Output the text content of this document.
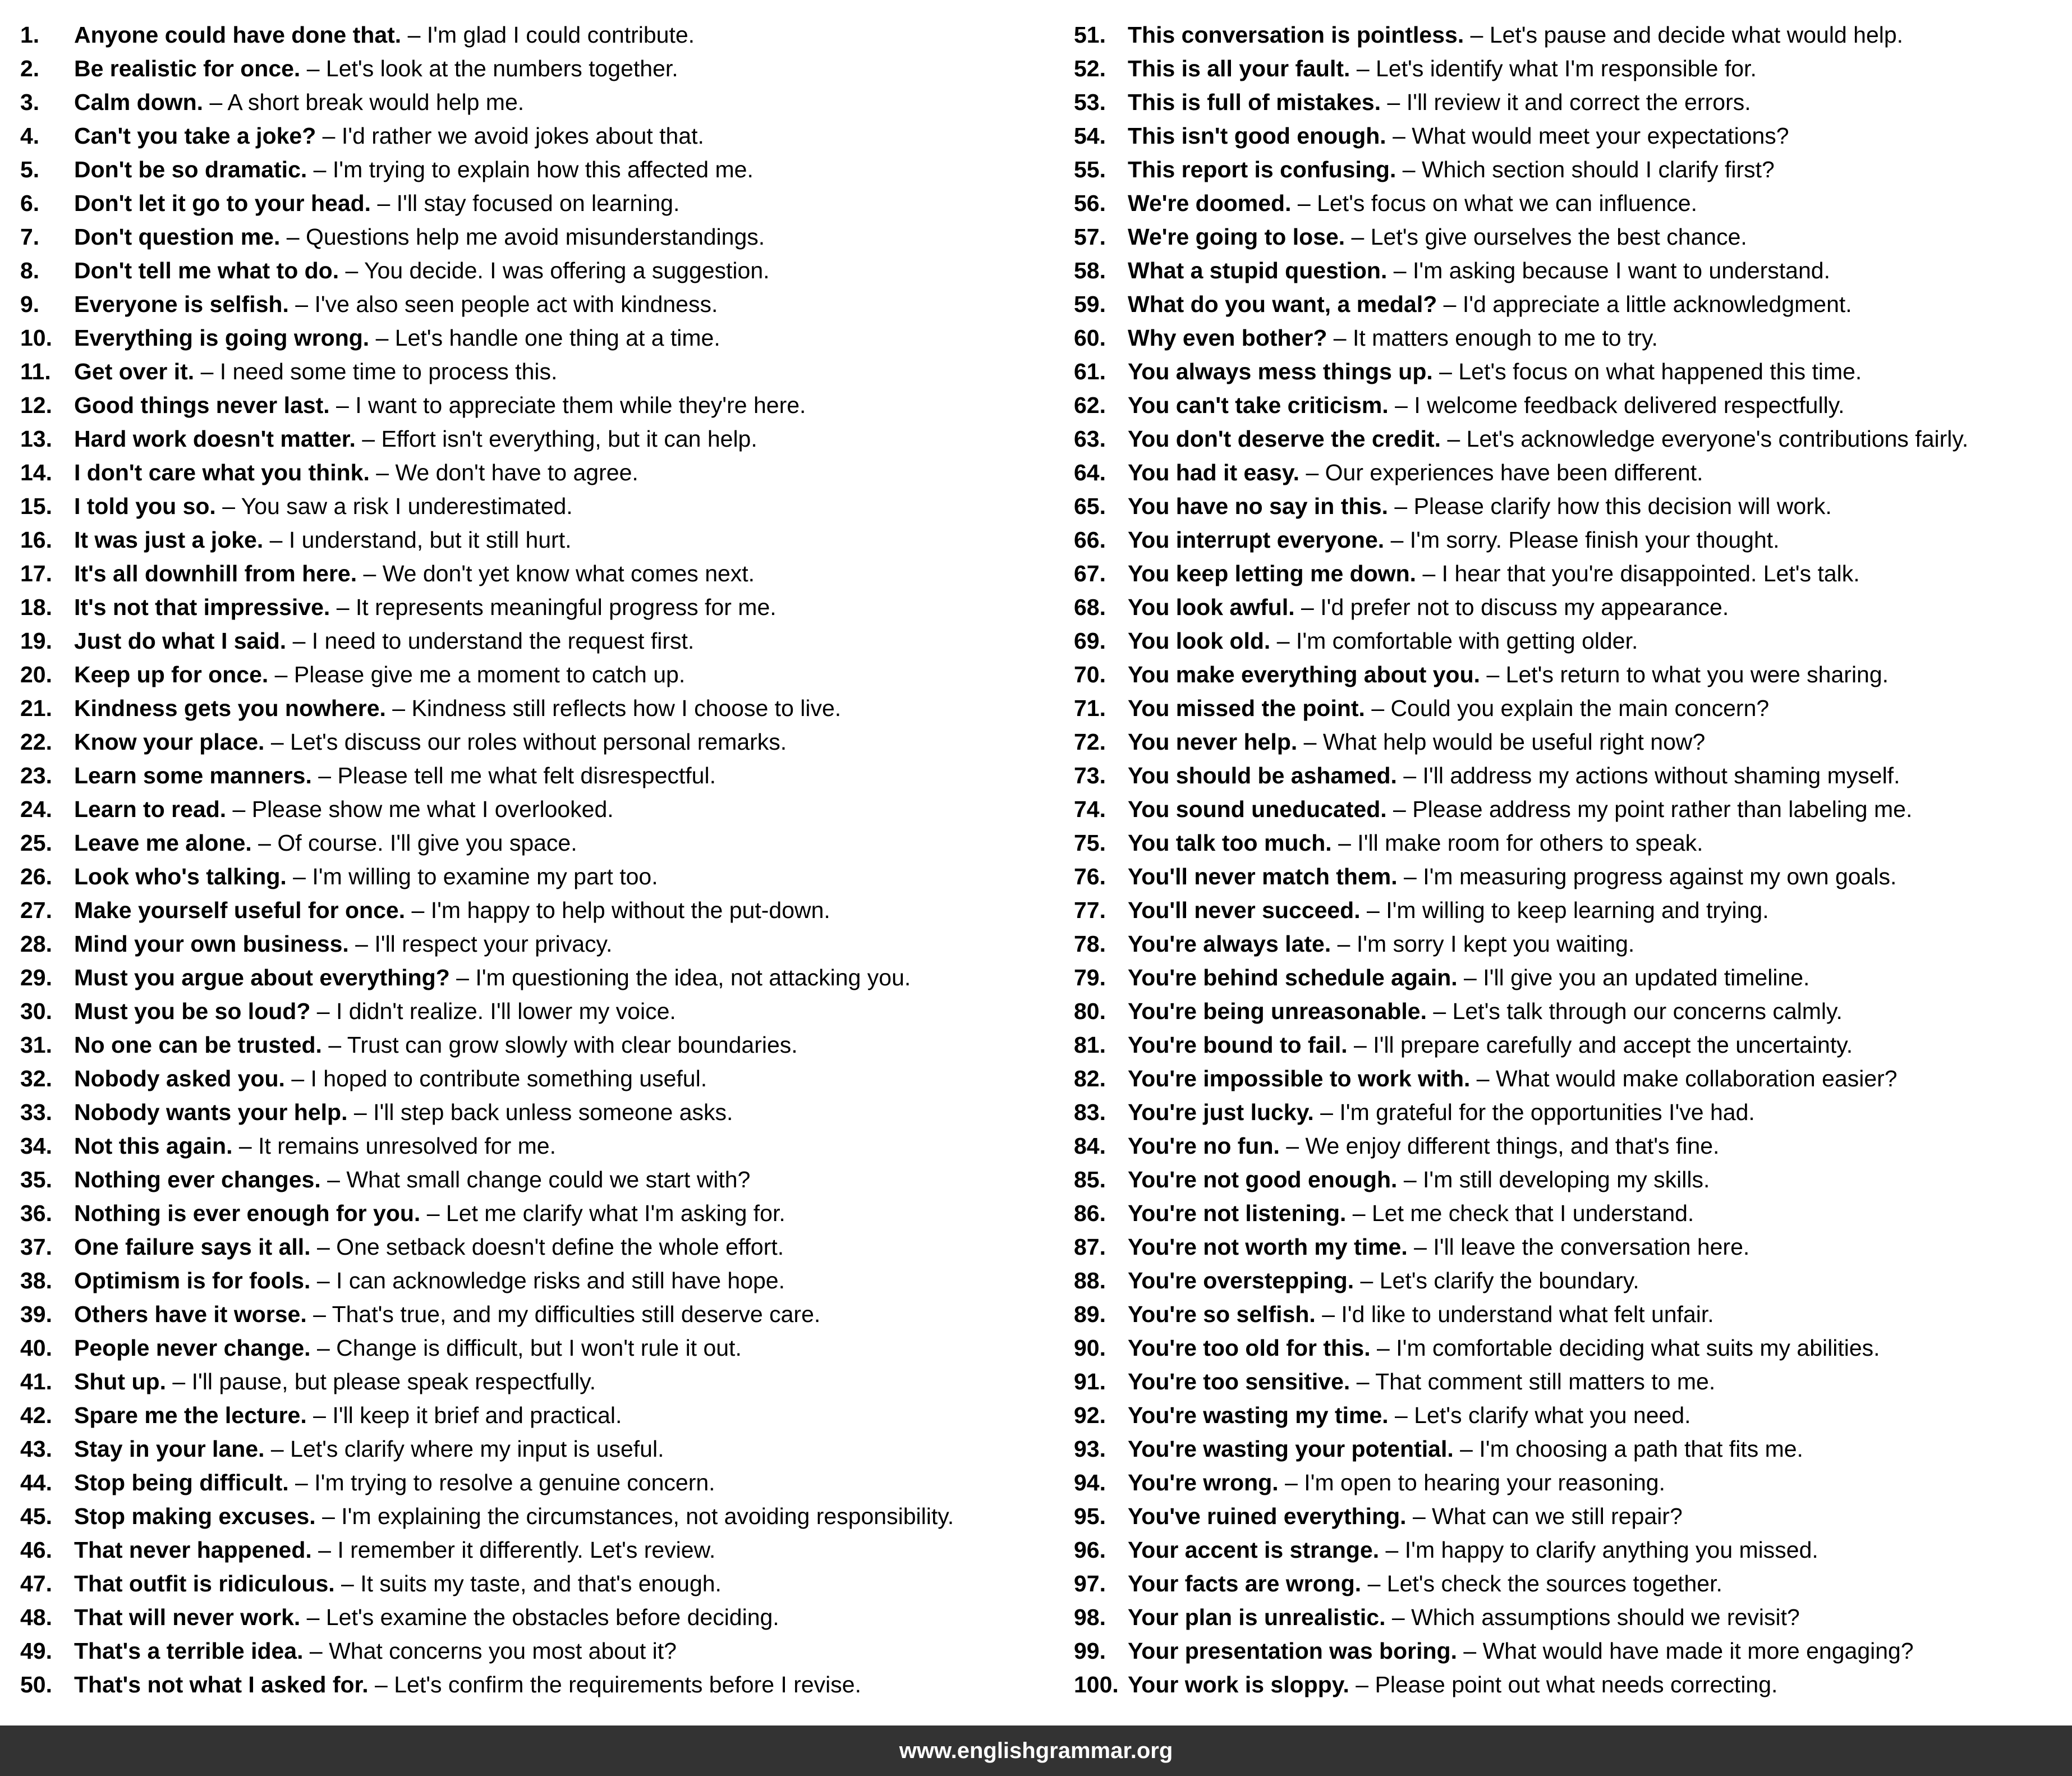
1. Anyone could have done that. – I'm glad I could contribute.
2. Be realistic for once. – Let's look at the numbers together.
3. Calm down. – A short break would help me.
4. Can't you take a joke? – I'd rather we avoid jokes about that.
5. Don't be so dramatic. – I'm trying to explain how this affected me.
6. Don't let it go to your head. – I'll stay focused on learning.
7. Don't question me. – Questions help me avoid misunderstandings.
8. Don't tell me what to do. – You decide. I was offering a suggestion.
9. Everyone is selfish. – I've also seen people act with kindness.
10. Everything is going wrong. – Let's handle one thing at a time.
11. Get over it. – I need some time to process this.
12. Good things never last. – I want to appreciate them while they're here.
13. Hard work doesn't matter. – Effort isn't everything, but it can help.
14. I don't care what you think. – We don't have to agree.
15. I told you so. – You saw a risk I underestimated.
16. It was just a joke. – I understand, but it still hurt.
17. It's all downhill from here. – We don't yet know what comes next.
18. It's not that impressive. – It represents meaningful progress for me.
19. Just do what I said. – I need to understand the request first.
20. Keep up for once. – Please give me a moment to catch up.
21. Kindness gets you nowhere. – Kindness still reflects how I choose to live.
22. Know your place. – Let's discuss our roles without personal remarks.
23. Learn some manners. – Please tell me what felt disrespectful.
24. Learn to read. – Please show me what I overlooked.
25. Leave me alone. – Of course. I'll give you space.
26. Look who's talking. – I'm willing to examine my part too.
27. Make yourself useful for once. – I'm happy to help without the put-down.
28. Mind your own business. – I'll respect your privacy.
29. Must you argue about everything? – I'm questioning the idea, not attacking you.
30. Must you be so loud? – I didn't realize. I'll lower my voice.
31. No one can be trusted. – Trust can grow slowly with clear boundaries.
32. Nobody asked you. – I hoped to contribute something useful.
33. Nobody wants your help. – I'll step back unless someone asks.
34. Not this again. – It remains unresolved for me.
35. Nothing ever changes. – What small change could we start with?
36. Nothing is ever enough for you. – Let me clarify what I'm asking for.
37. One failure says it all. – One setback doesn't define the whole effort.
38. Optimism is for fools. – I can acknowledge risks and still have hope.
39. Others have it worse. – That's true, and my difficulties still deserve care.
40. People never change. – Change is difficult, but I won't rule it out.
41. Shut up. – I'll pause, but please speak respectfully.
42. Spare me the lecture. – I'll keep it brief and practical.
43. Stay in your lane. – Let's clarify where my input is useful.
44. Stop being difficult. – I'm trying to resolve a genuine concern.
45. Stop making excuses. – I'm explaining the circumstances, not avoiding responsibility.
46. That never happened. – I remember it differently. Let's review.
47. That outfit is ridiculous. – It suits my taste, and that's enough.
48. That will never work. – Let's examine the obstacles before deciding.
49. That's a terrible idea. – What concerns you most about it?
50. That's not what I asked for. – Let's confirm the requirements before I revise.
51. This conversation is pointless. – Let's pause and decide what would help.
52. This is all your fault. – Let's identify what I'm responsible for.
53. This is full of mistakes. – I'll review it and correct the errors.
54. This isn't good enough. – What would meet your expectations?
55. This report is confusing. – Which section should I clarify first?
56. We're doomed. – Let's focus on what we can influence.
57. We're going to lose. – Let's give ourselves the best chance.
58. What a stupid question. – I'm asking because I want to understand.
59. What do you want, a medal? – I'd appreciate a little acknowledgment.
60. Why even bother? – It matters enough to me to try.
61. You always mess things up. – Let's focus on what happened this time.
62. You can't take criticism. – I welcome feedback delivered respectfully.
63. You don't deserve the credit. – Let's acknowledge everyone's contributions fairly.
64. You had it easy. – Our experiences have been different.
65. You have no say in this. – Please clarify how this decision will work.
66. You interrupt everyone. – I'm sorry. Please finish your thought.
67. You keep letting me down. – I hear that you're disappointed. Let's talk.
68. You look awful. – I'd prefer not to discuss my appearance.
69. You look old. – I'm comfortable with getting older.
70. You make everything about you. – Let's return to what you were sharing.
71. You missed the point. – Could you explain the main concern?
72. You never help. – What help would be useful right now?
73. You should be ashamed. – I'll address my actions without shaming myself.
74. You sound uneducated. – Please address my point rather than labeling me.
75. You talk too much. – I'll make room for others to speak.
76. You'll never match them. – I'm measuring progress against my own goals.
77. You'll never succeed. – I'm willing to keep learning and trying.
78. You're always late. – I'm sorry I kept you waiting.
79. You're behind schedule again. – I'll give you an updated timeline.
80. You're being unreasonable. – Let's talk through our concerns calmly.
81. You're bound to fail. – I'll prepare carefully and accept the uncertainty.
82. You're impossible to work with. – What would make collaboration easier?
83. You're just lucky. – I'm grateful for the opportunities I've had.
84. You're no fun. – We enjoy different things, and that's fine.
85. You're not good enough. – I'm still developing my skills.
86. You're not listening. – Let me check that I understand.
87. You're not worth my time. – I'll leave the conversation here.
88. You're overstepping. – Let's clarify the boundary.
89. You're so selfish. – I'd like to understand what felt unfair.
90. You're too old for this. – I'm comfortable deciding what suits my abilities.
91. You're too sensitive. – That comment still matters to me.
92. You're wasting my time. – Let's clarify what you need.
93. You're wasting your potential. – I'm choosing a path that fits me.
94. You're wrong. – I'm open to hearing your reasoning.
95. You've ruined everything. – What can we still repair?
96. Your accent is strange. – I'm happy to clarify anything you missed.
97. Your facts are wrong. – Let's check the sources together.
98. Your plan is unrealistic. – Which assumptions should we revisit?
99. Your presentation was boring. – What would have made it more engaging?
100. Your work is sloppy. – Please point out what needs correcting.
www.englishgrammar.org
